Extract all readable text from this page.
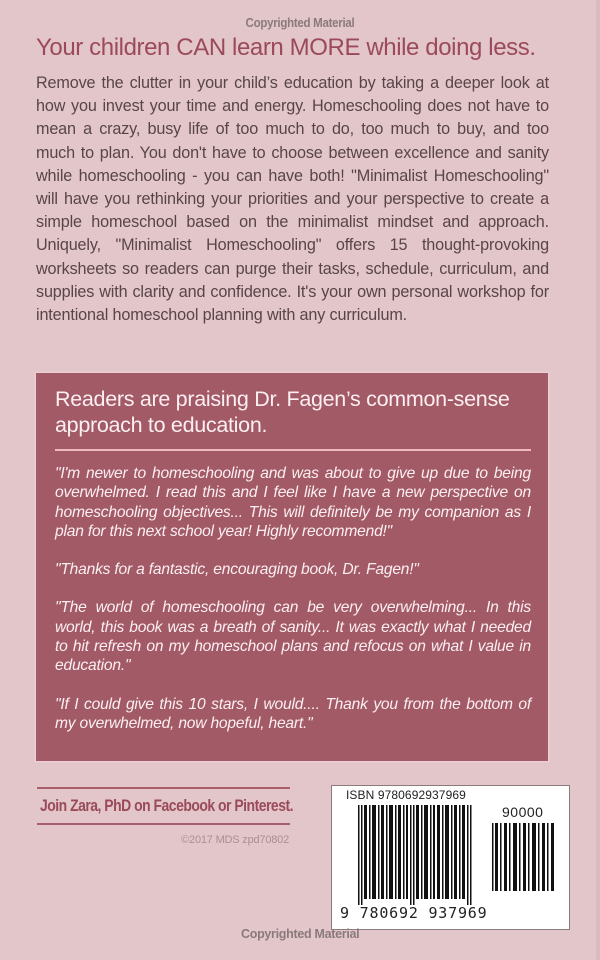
Copyrighted Material
Your children CAN learn MORE while doing less.

Remove the clutter in your child’s education by taking a deeper look at how you invest your time and energy. Homeschooling does not have to mean a crazy, busy life of too much to do, too much to buy, and too much to plan. You don't have to choose between excellence and sanity while homeschooling - you can have both! "Minimalist Homeschooling" will have you rethinking your priorities and your perspective to create a simple homeschool based on the minimalist mindset and approach. Uniquely, "Minimalist Homeschooling" offers 15 thought-provoking worksheets so readers can purge their tasks, schedule, curriculum, and supplies with clarity and confidence. It's your own personal workshop for intentional homeschool planning with any curriculum.

Readers are praising Dr. Fagen’s common-sense approach to education.

"I'm newer to homeschooling and was about to give up due to being overwhelmed. I read this and I feel like I have a new perspective on homeschooling objectives... This will definitely be my companion as I plan for this next school year! Highly recommend!"

"Thanks for a fantastic, encouraging book, Dr. Fagen!"

"The world of homeschooling can be very overwhelming... In this world, this book was a breath of sanity... It was exactly what I needed to hit refresh on my homeschool plans and refocus on what I value in education."

"If I could give this 10 stars, I would.... Thank you from the bottom of my overwhelmed, now hopeful, heart."

Join Zara, PhD on Facebook or Pinterest.
©2017 MDS zpd70802
ISBN 9780692937969
90000
9 780692 937969
Copyrighted Material
